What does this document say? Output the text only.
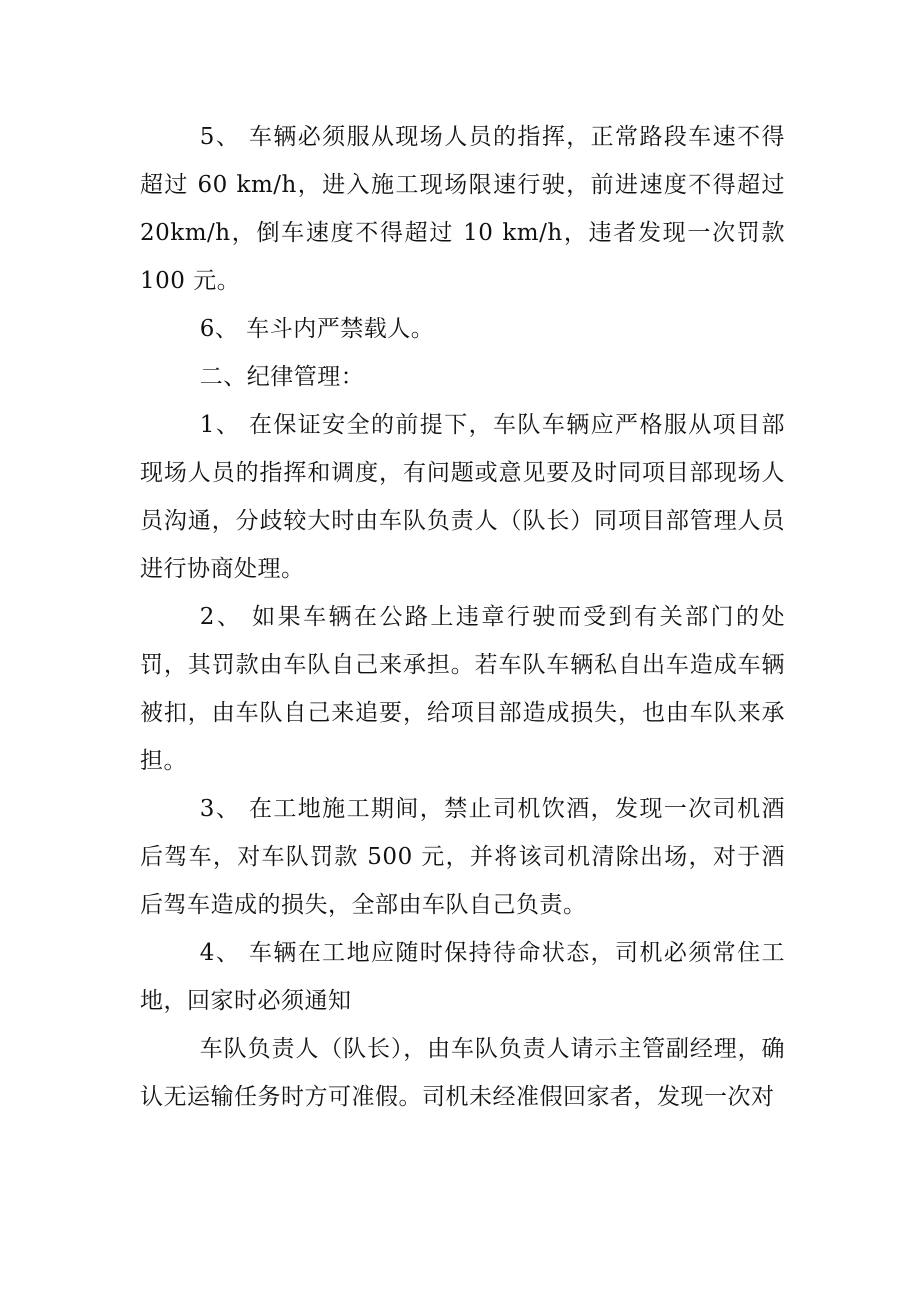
5、 车辆必须服从现场人员的指挥，正常路段车速不得超过 60 km/h，进入施工现场限速行驶，前进速度不得超过 20km/h，倒车速度不得超过 10 km/h，违者发现一次罚款 100 元。

6、 车斗内严禁载人。

二、纪律管理：

1、 在保证安全的前提下，车队车辆应严格服从项目部现场人员的指挥和调度，有问题或意见要及时同项目部现场人员沟通，分歧较大时由车队负责人（队长）同项目部管理人员进行协商处理。

2、 如果车辆在公路上违章行驶而受到有关部门的处罚，其罚款由车队自己来承担。若车队车辆私自出车造成车辆被扣，由车队自己来追要，给项目部造成损失，也由车队来承担。

3、 在工地施工期间，禁止司机饮酒，发现一次司机酒后驾车，对车队罚款 500 元，并将该司机清除出场，对于酒后驾车造成的损失，全部由车队自己负责。

4、 车辆在工地应随时保持待命状态，司机必须常住工地，回家时必须通知

车队负责人（队长），由车队负责人请示主管副经理，确认无运输任务时方可准假。司机未经准假回家者，发现一次对
